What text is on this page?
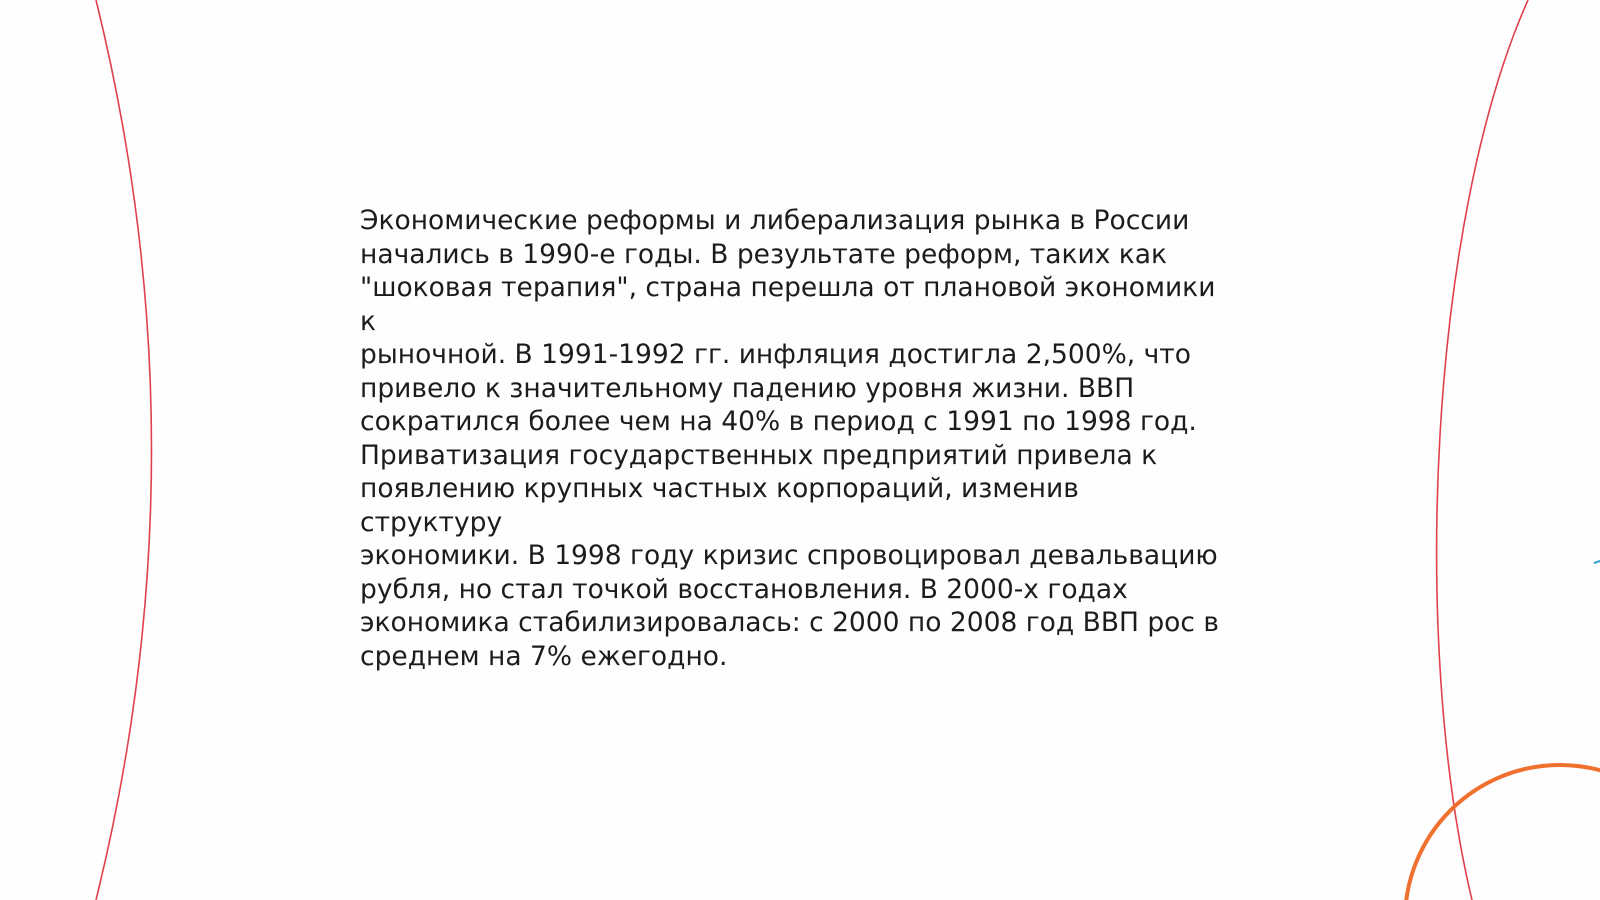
Экономические реформы и либерализация рынка в России
начались в 1990-е годы. В результате реформ, таких как
"шоковая терапия", страна перешла от плановой экономики к
рыночной. В 1991-1992 гг. инфляция достигла 2,500%, что
привело к значительному падению уровня жизни. ВВП
сократился более чем на 40% в период с 1991 по 1998 год.
Приватизация государственных предприятий привела к
появлению крупных частных корпораций, изменив структуру
экономики. В 1998 году кризис спровоцировал девальвацию
рубля, но стал точкой восстановления. В 2000-х годах
экономика стабилизировалась: с 2000 по 2008 год ВВП рос в
среднем на 7% ежегодно.
